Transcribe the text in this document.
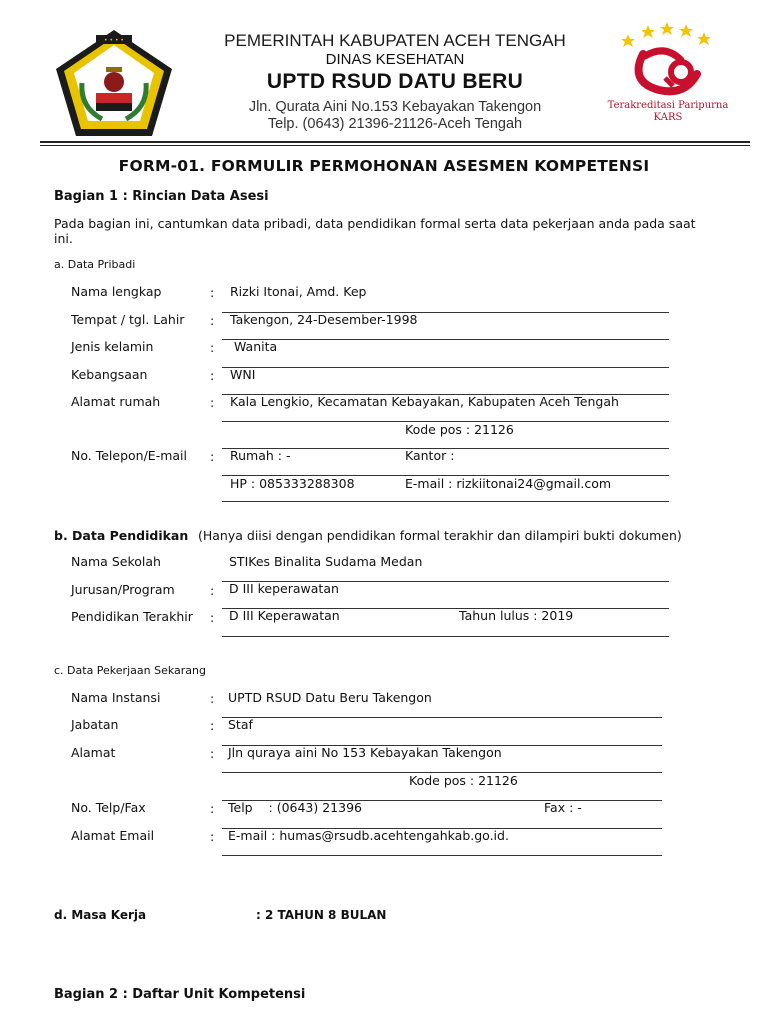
• • • •	PEMERINTAH KABUPATEN ACEH TENGAH
DINAS KESEHATAN
UPTD RSUD DATU BERU
Jln. Qurata Aini No.153 Kebayakan Takengon
Telp. (0643) 21396-21126-Aceh Tengah
Terakreditasi Paripurna
KARS
FORM-01. FORMULIR PERMOHONAN ASESMEN KOMPETENSI
Bagian 1 : Rincian Data Asesi
Pada bagian ini, cantumkan data pribadi, data pendidikan formal serta data pekerjaan anda pada saat
ini.
a. Data Pribadi
Nama lengkap	: Rizki Itonai, Amd. Kep
Tempat / tgl. Lahir : Takengon, 24-Desember-1998
Jenis kelamin	: Wanita
Kebangsaan	: WNI
Alamat rumah	: Kala Lengkio, Kecamatan Kebayakan, Kabupaten Aceh Tengah
Kode pos : 21126
No. Telepon/E-mail : Rumah : -	Kantor :
HP : 085333288308	E-mail : rizkiitonai24@gmail.com
b. Data Pendidikan (Hanya diisi dengan pendidikan formal terakhir dan dilampiri bukti dokumen)
Nama Sekolah	STIKes Binalita Sudama Medan
Jurusan/Program	: D III keperawatan
Pendidikan Terakhir : D III Keperawatan	Tahun lulus : 2019
c. Data Pekerjaan Sekarang
Nama Instansi	: UPTD RSUD Datu Beru Takengon
Jabatan	: Staf
Alamat	: Jln quraya aini No 153 Kebayakan Takengon
Kode pos : 21126
No. Telp/Fax	: Telp    : (0643) 21396	Fax : -
Alamat Email	: E-mail : humas@rsudb.acehtengahkab.go.id.
d. Masa Kerja	: 2 TAHUN 8 BULAN
Bagian 2 : Daftar Unit Kompetensi
